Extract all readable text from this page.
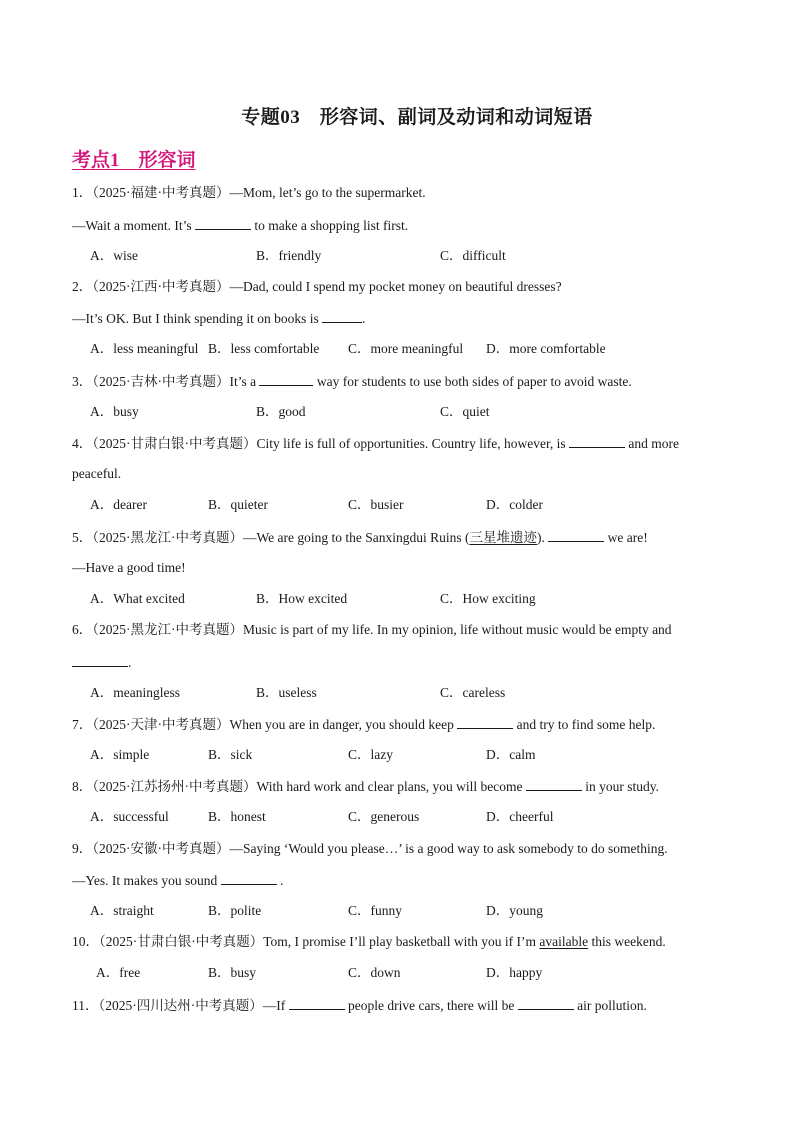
专题03　形容词、副词及动词和动词短语
考点1　形容词
1．（2025·福建·中考真题）—Mom, let’s go to the supermarket.
—Wait a moment. It’s	to make a shopping list first.
A．wise	B．friendly	C．difficult
2．（2025·江西·中考真题）—Dad, could I spend my pocket money on beautiful dresses?
—It’s OK. But I think spending it on books is	.
A．less meaningful B．less comfortable C．more meaningful D．more comfortable
3．（2025·吉林·中考真题）It’s a	way for students to use both sides of paper to avoid waste.
A．busy	B．good	C．quiet
4．（2025·甘肃白银·中考真题）City life is full of opportunities. Country life, however, is	and more
peaceful.
A．dearer	B．quieter	C．busier	D．colder
5．（2025·黑龙江·中考真题）—We are going to the Sanxingdui Ruins (三星堆遗迹).	we are!
—Have a good time!
A．What excited	B．How excited	C．How exciting
6．（2025·黑龙江·中考真题）Music is part of my life. In my opinion, life without music would be empty and
.
A．meaningless	B．useless	C．careless
7．（2025·天津·中考真题）When you are in danger, you should keep	and try to find some help.
A．simple	B．sick	C．lazy	D．calm
8．（2025·江苏扬州·中考真题）With hard work and clear plans, you will become	in your study.
A．successful	B．honest	C．generous	D．cheerful
9．（2025·安徽·中考真题）—Saying ‘Would you please…’ is a good way to ask somebody to do something.
—Yes. It makes you sound	.
A．straight	B．polite	C．funny	D．young
10．（2025·甘肃白银·中考真题）Tom, I promise I’ll play basketball with you if I’m available this weekend.
A．free	B．busy	C．down	D．happy
11．（2025·四川达州·中考真题）—If	people drive cars, there will be	air pollution.
